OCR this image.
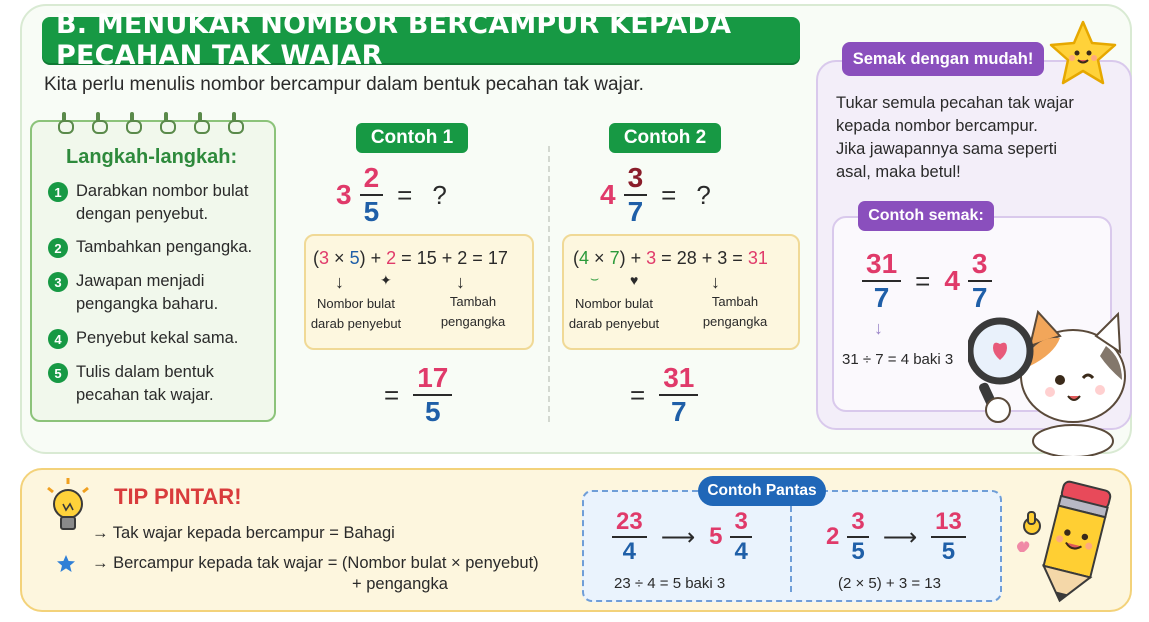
B. MENUKAR NOMBOR BERCAMPUR KEPADA PECAHAN TAK WAJAR
Kita perlu menulis nombor bercampur dalam bentuk pecahan tak wajar.
Langkah-langkah:
1 Darabkan nombor bulat
dengan penyebut.
2 Tambahkan pengangka.
3 Jawapan menjadi
pengangka baharu.
4 Penyebut kekal sama.
5 Tulis dalam bentuk
pecahan tak wajar.
Contoh 1
$3 \frac{2}{5}$ = ?
(3 × 5) + 2 = 15 + 2 = 17
↓	✦	↓
Nombor bulat
darab penyebut
Tambah
pengangka
= $\frac{17}{5}$
Contoh 2
$4 \frac{3}{7}$ = ?
(4 × 7) + 3 = 28 + 3 = 31
⌣ ♥	↓
Nombor bulat
darab penyebut
Tambah
pengangka
= $\frac{31}{7}$
Semak dengan mudah!
Tukar semula pecahan tak wajar
kepada nombor bercampur.
Jika jawapannya sama seperti
asal, maka betul!
Contoh semak:
$\frac{31}{7} = 4 \frac{3}{7}$
↓
31 ÷ 7 = 4 baki 3
TIP PINTAR!
→ Tak wajar kepada bercampur = Bahagi
→ Bercampur kepada tak wajar = (Nombor bulat × penyebut)
+ pengangka
Contoh Pantas
$\frac{23}{4}$ ⟶ $5 \frac{3}{4}$
23 ÷ 4 = 5 baki 3
$2 \frac{3}{5}$ ⟶ $\frac{13}{5}$
(2 × 5) + 3 = 13
